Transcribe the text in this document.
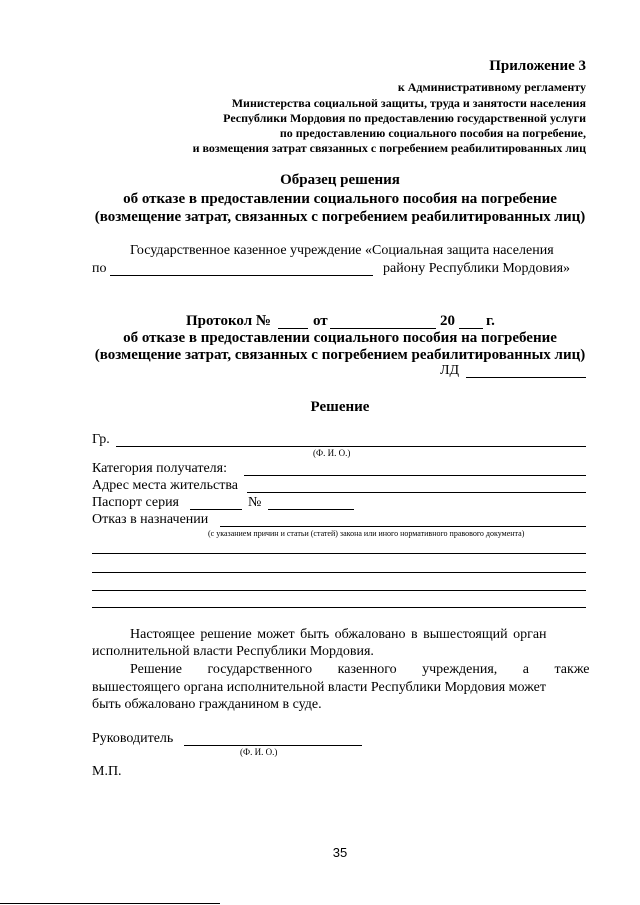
Приложение 3
к Административному регламенту
Министерства социальной защиты, труда и занятости населения
Республики Мордовия по предоставлению государственной услуги
по предоставлению социального пособия на погребение,
и возмещения затрат связанных с погребением реабилитированных лиц
Образец решения
об отказе в предоставлении социального пособия на погребение
(возмещение затрат, связанных с погребением реабилитированных лиц)
Государственное казенное учреждение «Социальная защита населения
по	району Республики Мордовия»
Протокол №	от	20 г.
об отказе в предоставлении социального пособия на погребение
(возмещение затрат, связанных с погребением реабилитированных лиц)
ЛД
Решение
Гр.
(Ф. И. О.)
Категория получателя:
Адрес места жительства
Паспорт серия	№
Отказ в назначении
(с указанием причин и статьи (статей) закона или иного нормативного правового документа)
Настоящее решение может быть обжаловано в вышестоящий орган
исполнительной власти Республики Мордовия.
Решение государственного казенного учреждения, а также
вышестоящего органа исполнительной власти Республики Мордовия может
быть обжаловано гражданином в суде.
Руководитель
(Ф. И. О.)
М.П.
35
